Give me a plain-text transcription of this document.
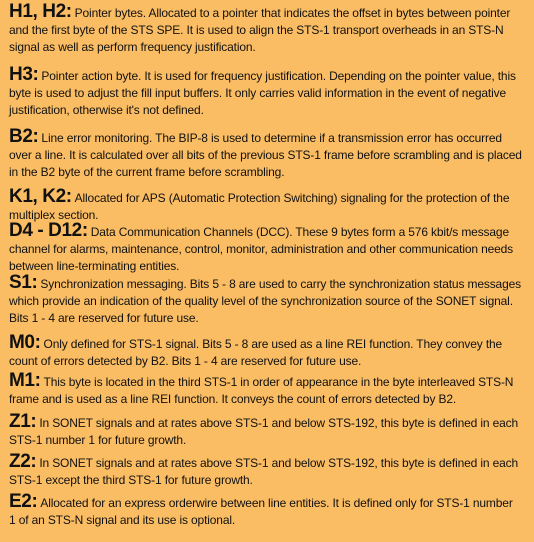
H1, H2: Pointer bytes. Allocated to a pointer that indicates the offset in bytes between pointer and the first byte of the STS SPE. It is used to align the STS-1 transport overheads in an STS-N signal as well as perform frequency justification.

H3: Pointer action byte. It is used for frequency justification. Depending on the pointer value, this byte is used to adjust the fill input buffers. It only carries valid information in the event of negative justification, otherwise it's not defined.

B2: Line error monitoring. The BIP-8 is used to determine if a transmission error has occurred over a line. It is calculated over all bits of the previous STS-1 frame before scrambling and is placed in the B2 byte of the current frame before scrambling.

K1, K2: Allocated for APS (Automatic Protection Switching) signaling for the protection of the multiplex section.

D4 - D12: Data Communication Channels (DCC). These 9 bytes form a 576 kbit/s message channel for alarms, maintenance, control, monitor, administration and other communication needs between line-terminating entities.

S1: Synchronization messaging. Bits 5 - 8 are used to carry the synchronization status messages which provide an indication of the quality level of the synchronization source of the SONET signal. Bits 1 - 4 are reserved for future use.

M0: Only defined for STS-1 signal. Bits 5 - 8 are used as a line REI function. They convey the count of errors detected by B2. Bits 1 - 4 are reserved for future use.

M1: This byte is located in the third STS-1 in order of appearance in the byte interleaved STS-N frame and is used as a line REI function. It conveys the count of errors detected by B2.

Z1: In SONET signals and at rates above STS-1 and below STS-192, this byte is defined in each STS-1 number 1 for future growth.

Z2: In SONET signals and at rates above STS-1 and below STS-192, this byte is defined in each STS-1 except the third STS-1 for future growth.

E2: Allocated for an express orderwire between line entities. It is defined only for STS-1 number 1 of an STS-N signal and its use is optional.
